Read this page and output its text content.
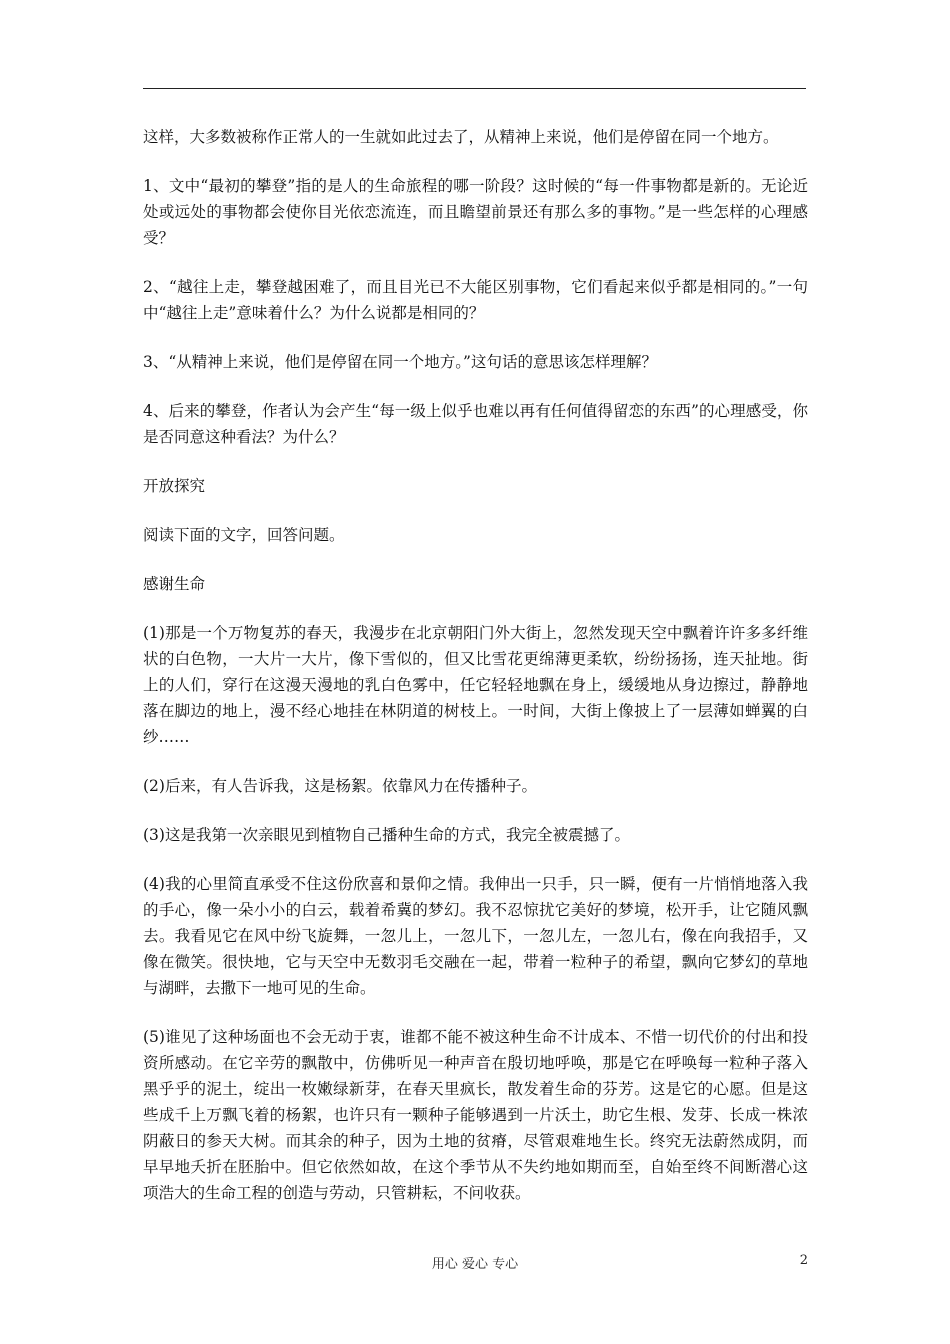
这样，大多数被称作正常人的一生就如此过去了，从精神上来说，他们是停留在同一个地方。

1、文中“最初的攀登”指的是人的生命旅程的哪一阶段？这时候的“每一件事物都是新的。无论近处或远处的事物都会使你目光依恋流连，而且瞻望前景还有那么多的事物。”是一些怎样的心理感受？

2、“越往上走，攀登越困难了，而且目光已不大能区别事物，它们看起来似乎都是相同的。”一句中“越往上走”意味着什么？为什么说都是相同的？

3、“从精神上来说，他们是停留在同一个地方。”这句话的意思该怎样理解？

4、后来的攀登，作者认为会产生“每一级上似乎也难以再有任何值得留恋的东西”的心理感受，你是否同意这种看法？为什么？

开放探究

阅读下面的文字，回答问题。

感谢生命

(1)那是一个万物复苏的春天，我漫步在北京朝阳门外大街上，忽然发现天空中飘着许许多多纤维状的白色物，一大片一大片，像下雪似的，但又比雪花更绵薄更柔软，纷纷扬扬，连天扯地。街上的人们，穿行在这漫天漫地的乳白色雾中，任它轻轻地飘在身上，缓缓地从身边擦过，静静地落在脚边的地上，漫不经心地挂在林阴道的树枝上。一时间，大街上像披上了一层薄如蝉翼的白纱……

(2)后来，有人告诉我，这是杨絮。依靠风力在传播种子。

(3)这是我第一次亲眼见到植物自己播种生命的方式，我完全被震撼了。

(4)我的心里简直承受不住这份欣喜和景仰之情。我伸出一只手，只一瞬，便有一片悄悄地落入我的手心，像一朵小小的白云，载着希冀的梦幻。我不忍惊扰它美好的梦境，松开手，让它随风飘去。我看见它在风中纷飞旋舞，一忽儿上，一忽儿下，一忽儿左，一忽儿右，像在向我招手，又像在微笑。很快地，它与天空中无数羽毛交融在一起，带着一粒种子的希望，飘向它梦幻的草地与湖畔，去撒下一地可见的生命。

(5)谁见了这种场面也不会无动于衷，谁都不能不被这种生命不计成本、不惜一切代价的付出和投资所感动。在它辛劳的飘散中，仿佛听见一种声音在殷切地呼唤，那是它在呼唤每一粒种子落入黑乎乎的泥土，绽出一枚嫩绿新芽，在春天里疯长，散发着生命的芬芳。这是它的心愿。但是这些成千上万飘飞着的杨絮，也许只有一颗种子能够遇到一片沃土，助它生根、发芽、长成一株浓阴蔽日的参天大树。而其余的种子，因为土地的贫瘠，尽管艰难地生长。终究无法蔚然成阴，而早早地夭折在胚胎中。但它依然如故，在这个季节从不失约地如期而至，自始至终不间断潜心这项浩大的生命工程的创造与劳动，只管耕耘，不问收获。

用心 爱心 专心	2
